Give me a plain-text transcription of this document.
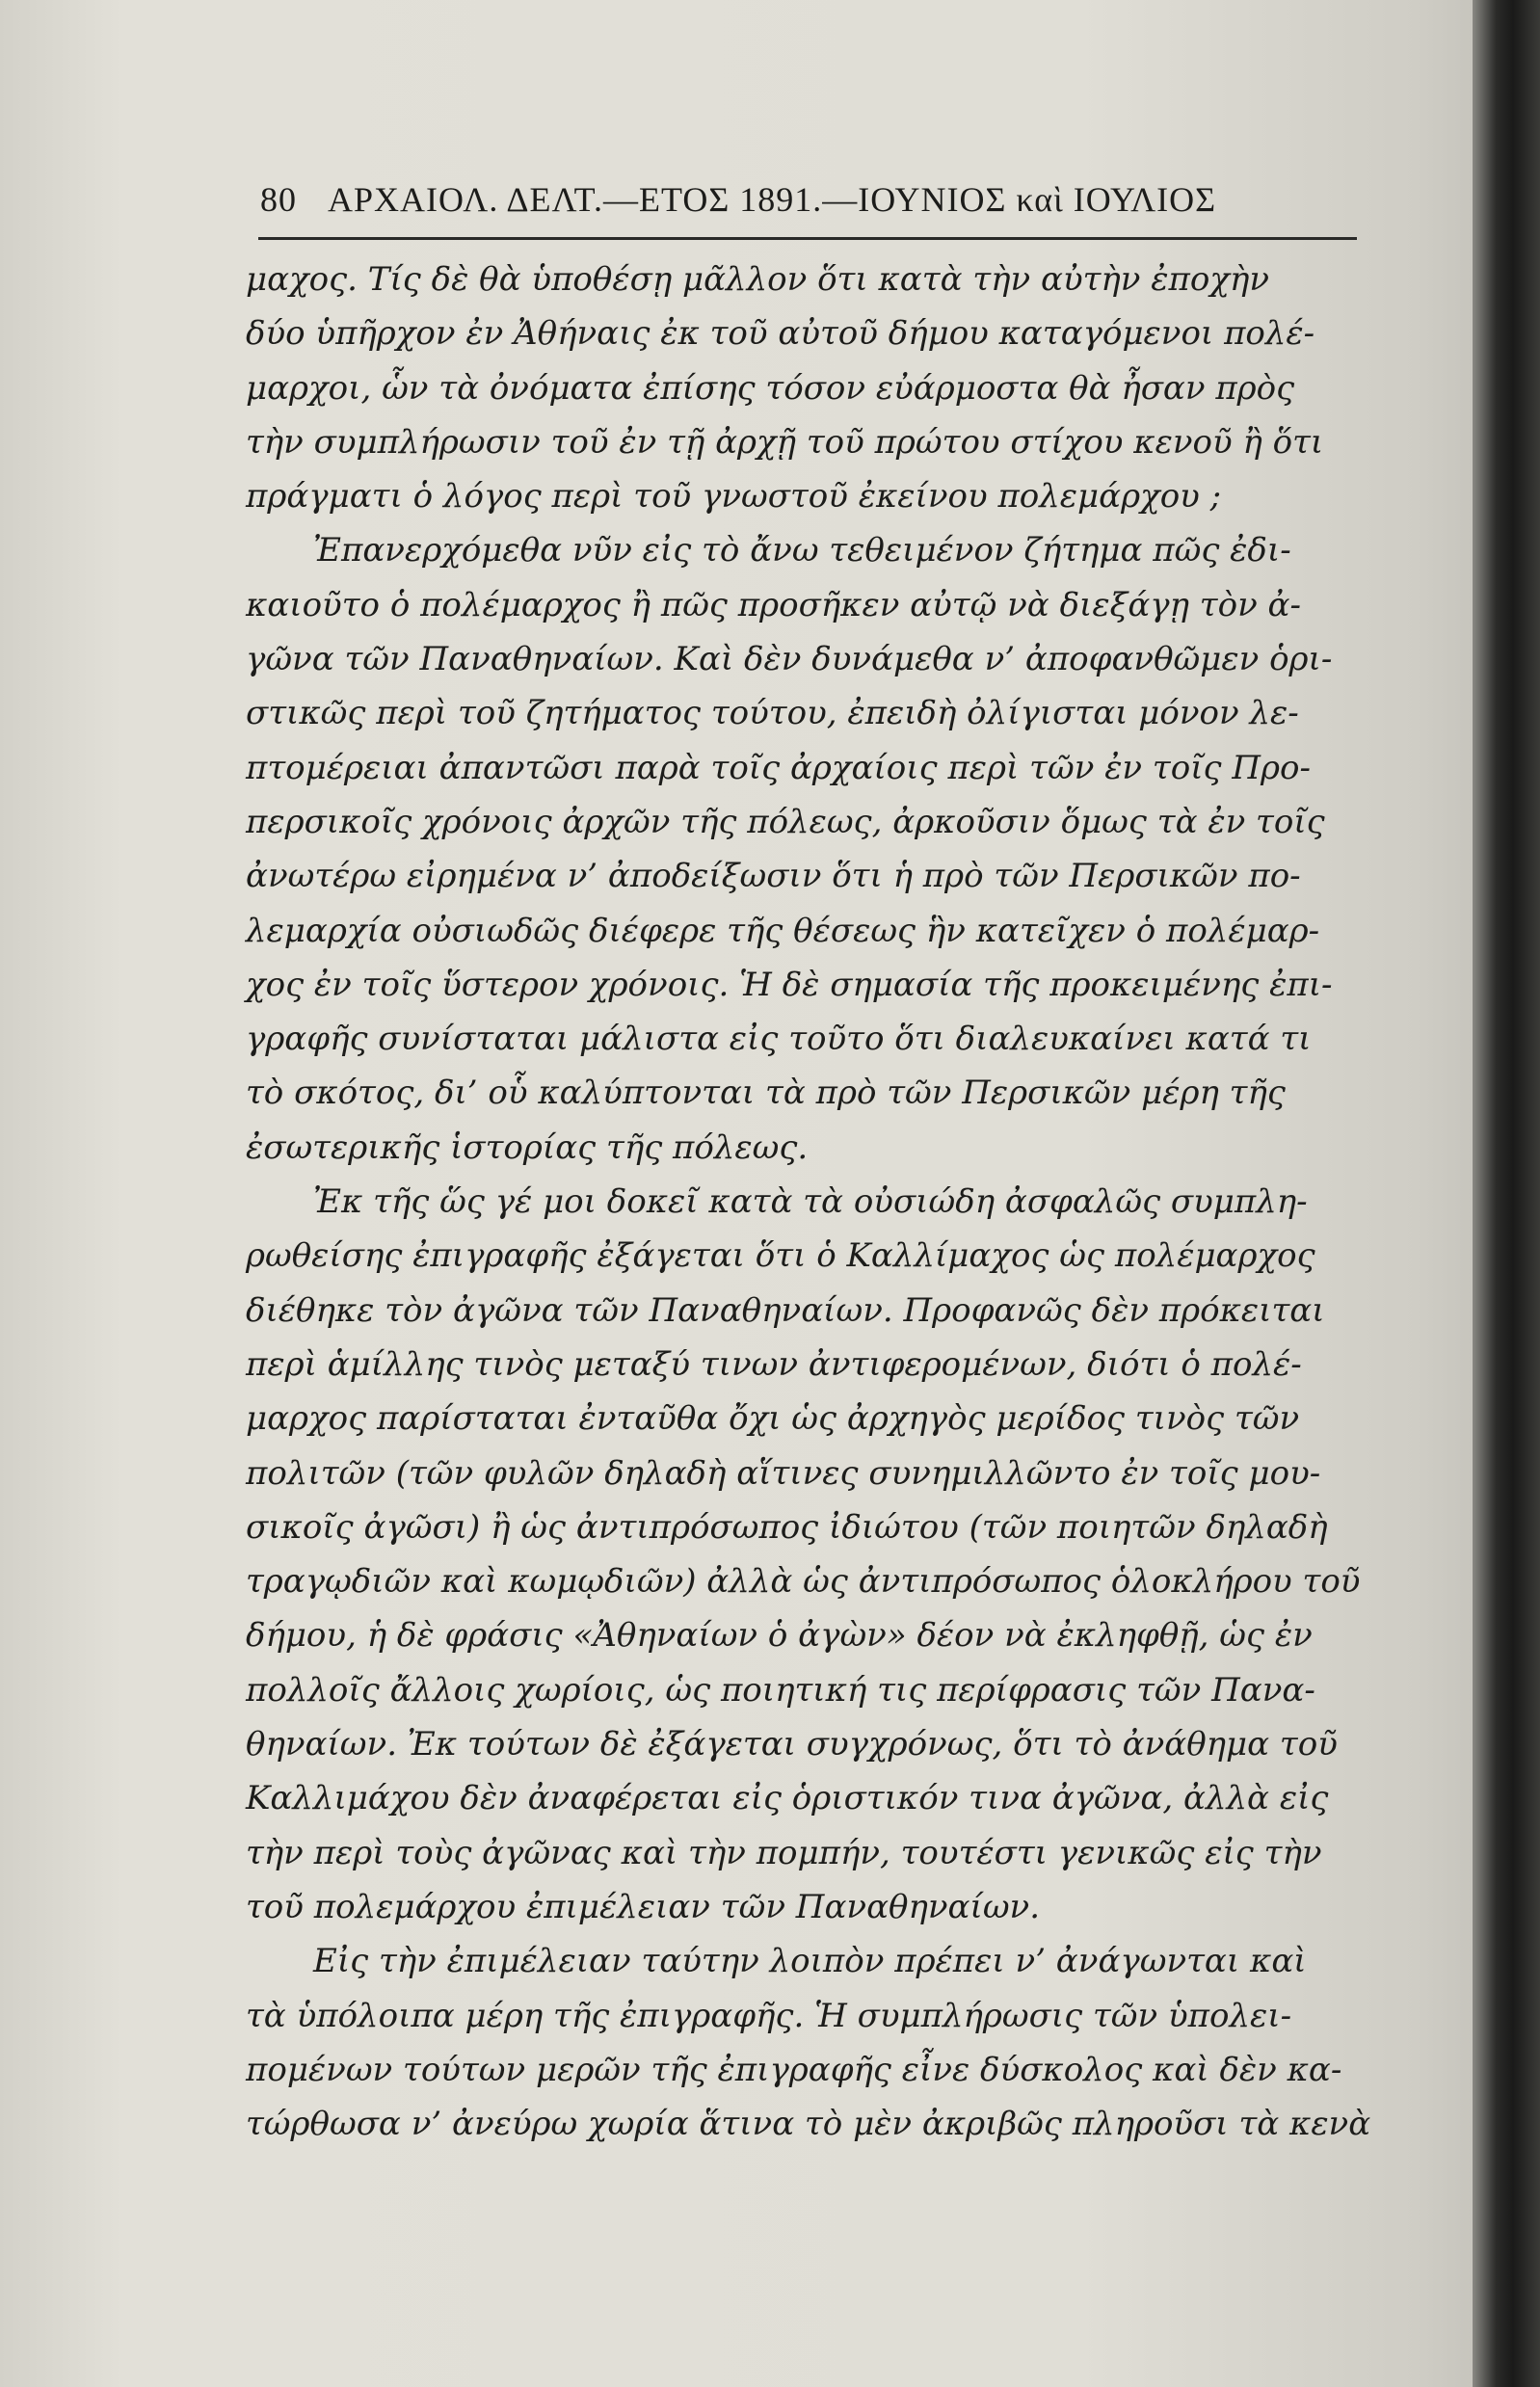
80 ΑΡΧΑΙΟΛ. ΔΕΛΤ.—ΕΤΟΣ 1891.—ΙΟΥΝΙΟΣ καὶ ΙΟΥΛΙΟΣ
μαχος. Τίς δὲ θὰ ὑποθέσῃ μᾶλλον ὅτι κατὰ τὴν αὐτὴν ἐποχὴν
δύο ὑπῆρχον ἐν Ἀθήναις ἐκ τοῦ αὐτοῦ δήμου καταγόμενοι πολέ-
μαρχοι, ὧν τὰ ὀνόματα ἐπίσης τόσον εὐάρμοστα θὰ ἦσαν πρὸς
τὴν συμπλήρωσιν τοῦ ἐν τῇ ἀρχῇ τοῦ πρώτου στίχου κενοῦ ἢ ὅτι
πράγματι ὁ λόγος περὶ τοῦ γνωστοῦ ἐκείνου πολεμάρχου ;
Ἐπανερχόμεθα νῦν εἰς τὸ ἄνω τεθειμένον ζήτημα πῶς ἐδι-
καιοῦτο ὁ πολέμαρχος ἢ πῶς προσῆκεν αὐτῷ νὰ διεξάγῃ τὸν ἀ-
γῶνα τῶν Παναθηναίων. Καὶ δὲν δυνάμεθα ν’ ἀποφανθῶμεν ὁρι-
στικῶς περὶ τοῦ ζητήματος τούτου, ἐπειδὴ ὀλίγισται μόνον λε-
πτομέρειαι ἀπαντῶσι παρὰ τοῖς ἀρχαίοις περὶ τῶν ἐν τοῖς Προ-
περσικοῖς χρόνοις ἀρχῶν τῆς πόλεως, ἀρκοῦσιν ὅμως τὰ ἐν τοῖς
ἀνωτέρω εἰρημένα ν’ ἀποδείξωσιν ὅτι ἡ πρὸ τῶν Περσικῶν πο-
λεμαρχία οὐσιωδῶς διέφερε τῆς θέσεως ἣν κατεῖχεν ὁ πολέμαρ-
χος ἐν τοῖς ὕστερον χρόνοις. Ἡ δὲ σημασία τῆς προκειμένης ἐπι-
γραφῆς συνίσταται μάλιστα εἰς τοῦτο ὅτι διαλευκαίνει κατά τι
τὸ σκότος, δι’ οὗ καλύπτονται τὰ πρὸ τῶν Περσικῶν μέρη τῆς
ἐσωτερικῆς ἱστορίας τῆς πόλεως.
Ἐκ τῆς ὥς γέ μοι δοκεῖ κατὰ τὰ οὐσιώδη ἀσφαλῶς συμπλη-
ρωθείσης ἐπιγραφῆς ἐξάγεται ὅτι ὁ Καλλίμαχος ὡς πολέμαρχος
διέθηκε τὸν ἀγῶνα τῶν Παναθηναίων. Προφανῶς δὲν πρόκειται
περὶ ἁμίλλης τινὸς μεταξύ τινων ἀντιφερομένων, διότι ὁ πολέ-
μαρχος παρίσταται ἐνταῦθα ὄχι ὡς ἀρχηγὸς μερίδος τινὸς τῶν
πολιτῶν (τῶν φυλῶν δηλαδὴ αἵτινες συνημιλλῶντο ἐν τοῖς μου-
σικοῖς ἀγῶσι) ἢ ὡς ἀντιπρόσωπος ἰδιώτου (τῶν ποιητῶν δηλαδὴ
τραγῳδιῶν καὶ κωμῳδιῶν) ἀλλὰ ὡς ἀντιπρόσωπος ὁλοκλήρου τοῦ
δήμου, ἡ δὲ φράσις «Ἀθηναίων ὁ ἀγὼν» δέον νὰ ἐκληφθῇ, ὡς ἐν
πολλοῖς ἄλλοις χωρίοις, ὡς ποιητική τις περίφρασις τῶν Πανα-
θηναίων. Ἐκ τούτων δὲ ἐξάγεται συγχρόνως, ὅτι τὸ ἀνάθημα τοῦ
Καλλιμάχου δὲν ἀναφέρεται εἰς ὁριστικόν τινα ἀγῶνα, ἀλλὰ εἰς
τὴν περὶ τοὺς ἀγῶνας καὶ τὴν πομπήν, τουτέστι γενικῶς εἰς τὴν
τοῦ πολεμάρχου ἐπιμέλειαν τῶν Παναθηναίων.
Εἰς τὴν ἐπιμέλειαν ταύτην λοιπὸν πρέπει ν’ ἀνάγωνται καὶ
τὰ ὑπόλοιπα μέρη τῆς ἐπιγραφῆς. Ἡ συμπλήρωσις τῶν ὑπολει-
πομένων τούτων μερῶν τῆς ἐπιγραφῆς εἶνε δύσκολος καὶ δὲν κα-
τώρθωσα ν’ ἀνεύρω χωρία ἅτινα τὸ μὲν ἀκριβῶς πληροῦσι τὰ κενὰ
